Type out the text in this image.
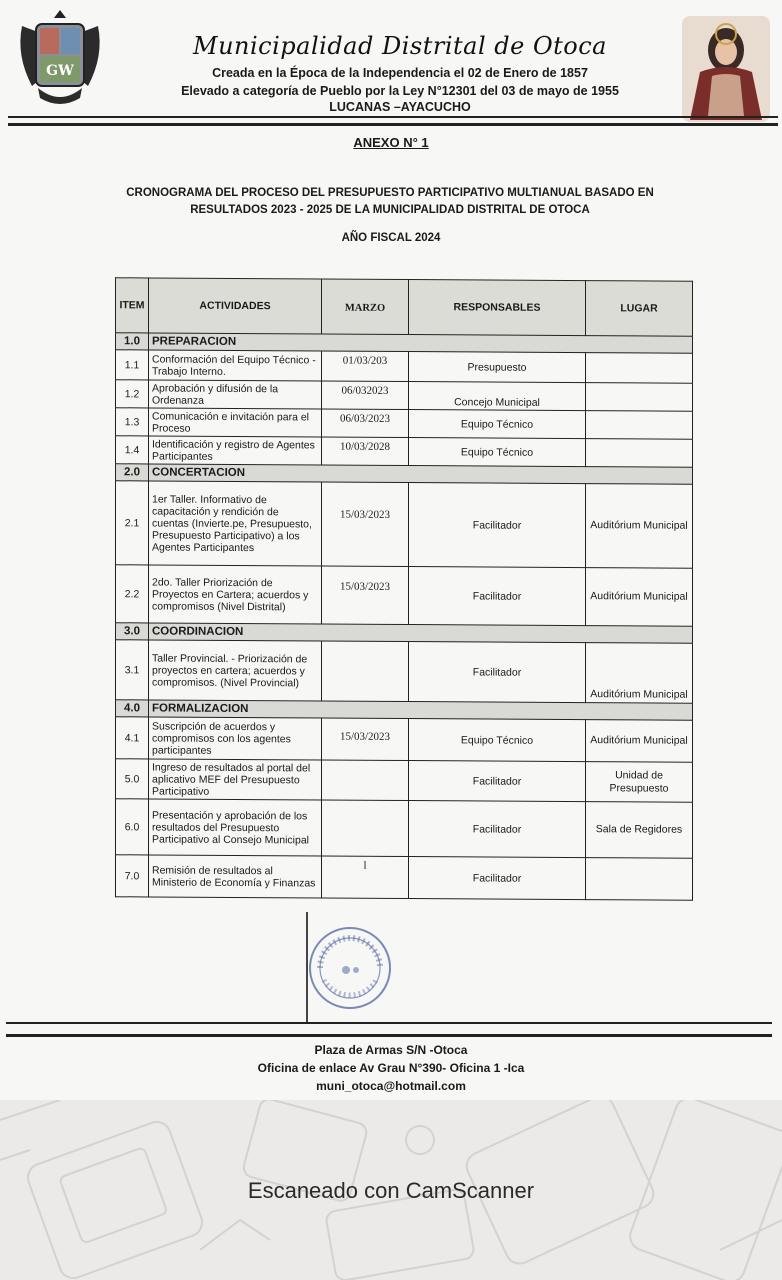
GW
Municipalidad Distrital de Otoca
Creada en la Época de la Independencia el 02 de Enero de 1857
Elevado a categoría de Pueblo por la Ley N°12301 del 03 de mayo de 1955
LUCANAS –AYACUCHO
ANEXO N° 1
CRONOGRAMA DEL PROCESO DEL PRESUPUESTO PARTICIPATIVO MULTIANUAL BASADO EN
RESULTADOS 2023 - 2025 DE LA MUNICIPALIDAD DISTRITAL DE OTOCA
AÑO FISCAL 2024
ITEM	ACTIVIDADES	MARZO	RESPONSABLES	LUGAR
1.0	PREPARACION			
1.1	Conformación del Equipo Técnico -Trabajo Interno.	01/03/203	Presupuesto	
1.2	Aprobación y difusión de la Ordenanza	06/032023	Concejo Municipal	
1.3	Comunicación e invitación para el Proceso	06/03/2023	Equipo Técnico	
1.4	Identificación y registro de Agentes Participantes	10/03/2028	Equipo Técnico	
2.0	CONCERTACION			
2.1	1er Taller. Informativo de capacitación y rendición de cuentas (Invierte.pe, Presupuesto, Presupuesto Participativo) a los Agentes Participantes	15/03/2023	Facilitador	Auditórium Municipal
2.2	2do. Taller Priorización de Proyectos en Cartera; acuerdos y compromisos (Nivel Distrital)	15/03/2023	Facilitador	Auditórium Municipal
3.0	COORDINACION			
3.1	Taller Provincial. - Priorización de proyectos en cartera; acuerdos y compromisos. (Nivel Provincial)		Facilitador	Auditórium Municipal
4.0	FORMALIZACION			
4.1	Suscripción de acuerdos y compromisos con los agentes participantes	15/03/2023	Equipo Técnico	Auditórium Municipal
5.0	Ingreso de resultados al portal del aplicativo MEF del Presupuesto Participativo		Facilitador	Unidad de Presupuesto
6.0	Presentación y aprobación de los resultados del Presupuesto Participativo al Consejo Municipal		Facilitador	Sala de Regidores
7.0	Remisión de resultados al Ministerio de Economía y Finanzas	l	Facilitador	
Plaza de Armas S/N -Otoca
Oficina de enlace Av Grau N°390- Oficina 1 -Ica
muni_otoca@hotmail.com
Escaneado con CamScanner
